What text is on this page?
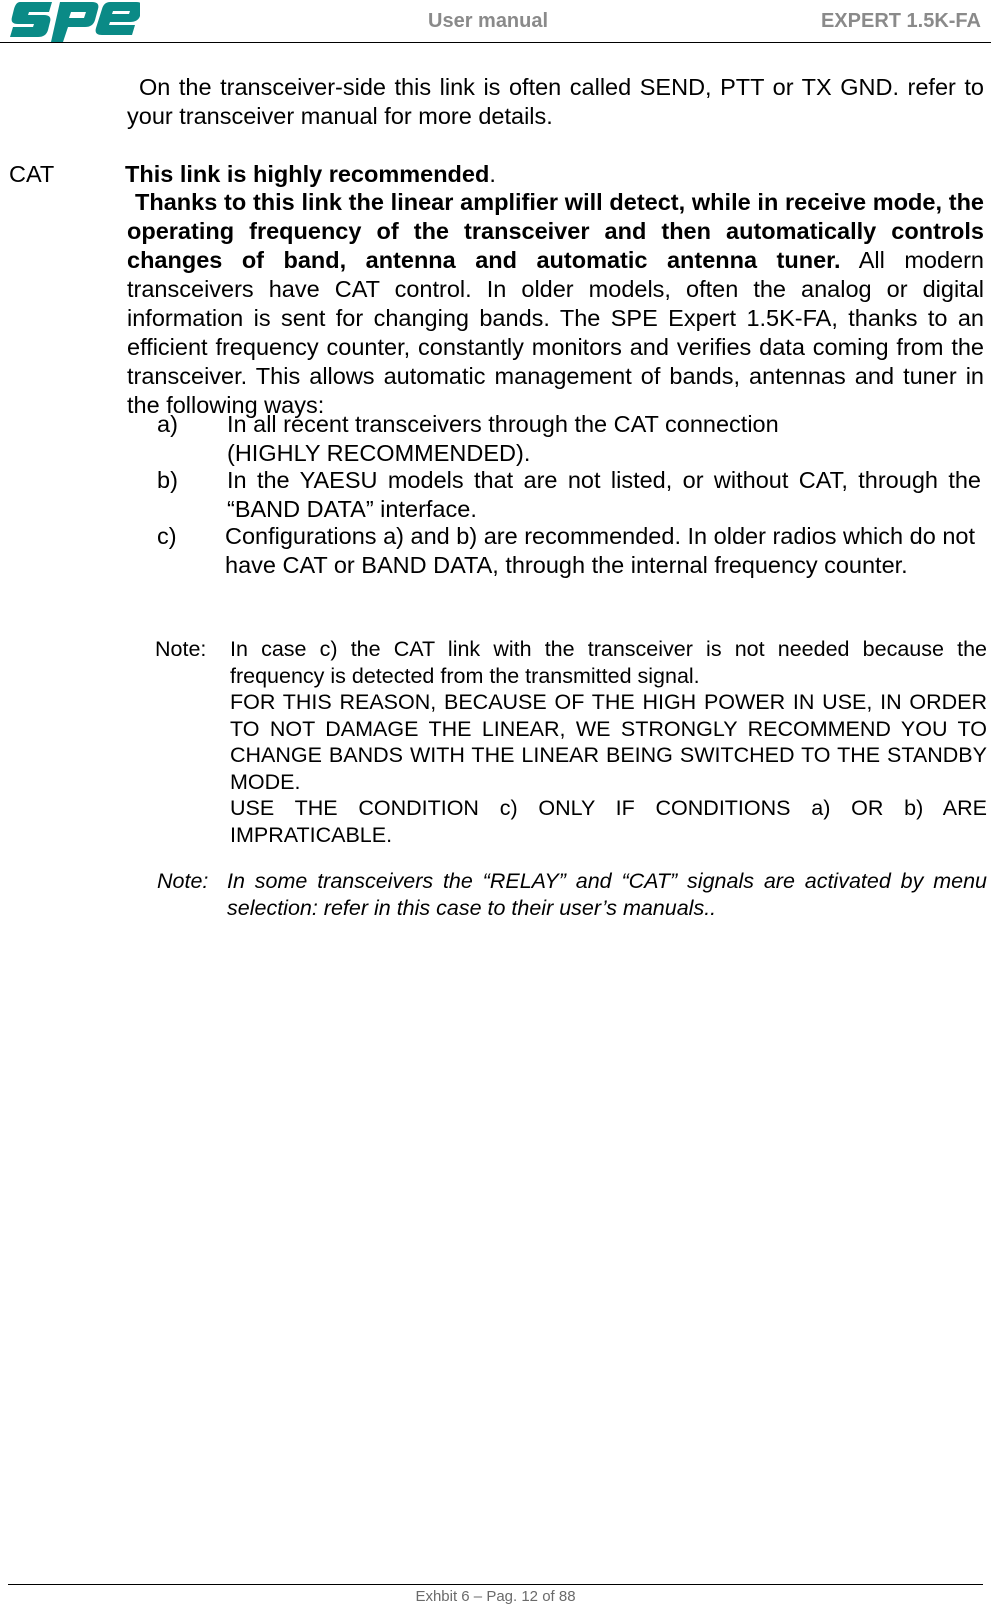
User manual	EXPERT 1.5K-FA
On the transceiver-side this link is often called SEND, PTT or TX GND. refer to your transceiver manual for more details.
CAT	This link is highly recommended.
Thanks to this link the linear amplifier will detect, while in receive mode, the operating frequency of the transceiver and then automatically controls changes of band, antenna and automatic antenna tuner. All modern transceivers have CAT control. In older models, often the analog or digital information is sent for changing bands. The SPE Expert 1.5K-FA, thanks to an efficient frequency counter, constantly monitors and verifies data coming from the transceiver. This allows automatic management of bands, antennas and tuner in the following ways:
a) In all recent transceivers through the CAT connection
(HIGHLY RECOMMENDED).
b) In the YAESU models that are not listed, or without CAT, through the “BAND DATA” interface.
c) Configurations a) and b) are recommended. In older radios which do not have CAT or BAND DATA, through the internal frequency counter.
Note: In case c) the CAT link with the transceiver is not needed because the frequency is detected from the transmitted signal.
FOR THIS REASON, BECAUSE OF THE HIGH POWER IN USE, IN ORDER TO NOT DAMAGE THE LINEAR, WE STRONGLY RECOMMEND YOU TO CHANGE BANDS WITH THE LINEAR BEING SWITCHED TO THE STANDBY MODE.
USE THE CONDITION c) ONLY IF CONDITIONS a) OR b) ARE IMPRATICABLE.
Note: In some transceivers the “RELAY” and “CAT” signals are activated by menu selection: refer in this case to their user’s manuals..
Exhbit 6 – Pag. 12 of 88
